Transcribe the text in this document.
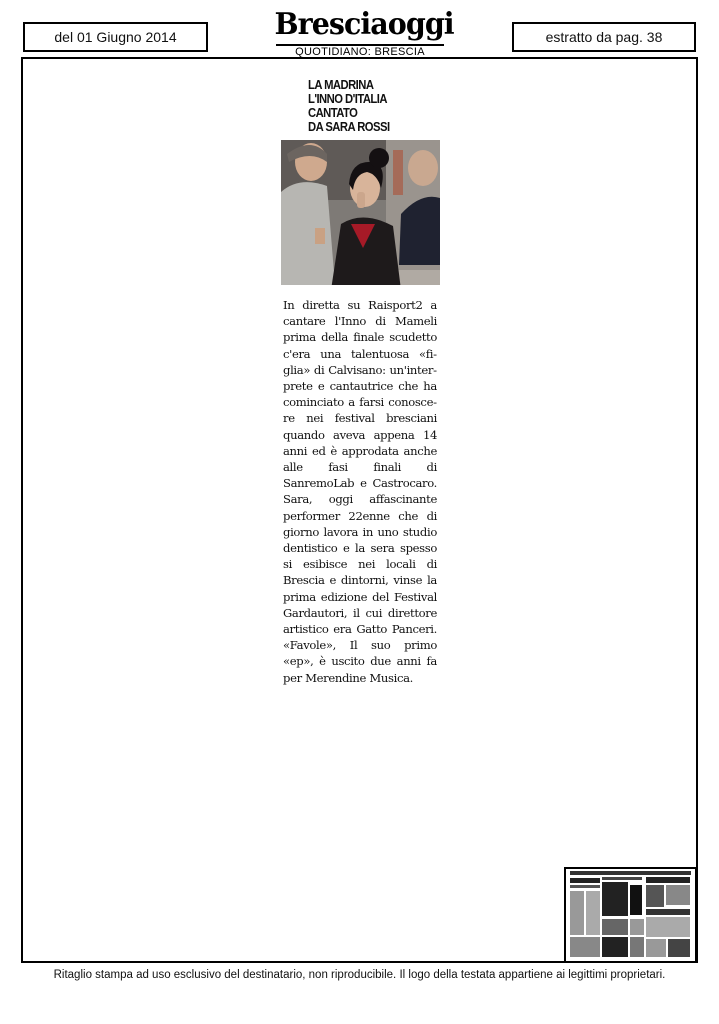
del 01 Giugno 2014	Bresciaoggi
QUOTIDIANO: BRESCIA
estratto da pag. 38
LA MADRINA
L'INNO D'ITALIA
CANTATO
DA SARA ROSSI

In diretta su Raisport2 a cantare l'Inno di Mameli prima della finale scudetto c'era una talentuosa «figlia» di Calvisano: un'interprete e cantautrice che ha cominciato a farsi conoscere nei festival bresciani quando aveva appena 14 anni ed è approdata anche alle fasi finali di SanremoLab e Castrocaro. Sara, oggi affascinante performer 22enne che di giorno lavora in uno studio dentistico e la sera spesso si esibisce nei locali di Brescia e dintorni, vinse la prima edizione del Festival Gardautori, il cui direttore artistico era Gatto Panceri. «Favole», Il suo primo «ep», è uscito due anni fa per Merendine Musica.

Ritaglio stampa ad uso esclusivo del destinatario, non riproducibile. Il logo della testata appartiene ai legittimi proprietari.
